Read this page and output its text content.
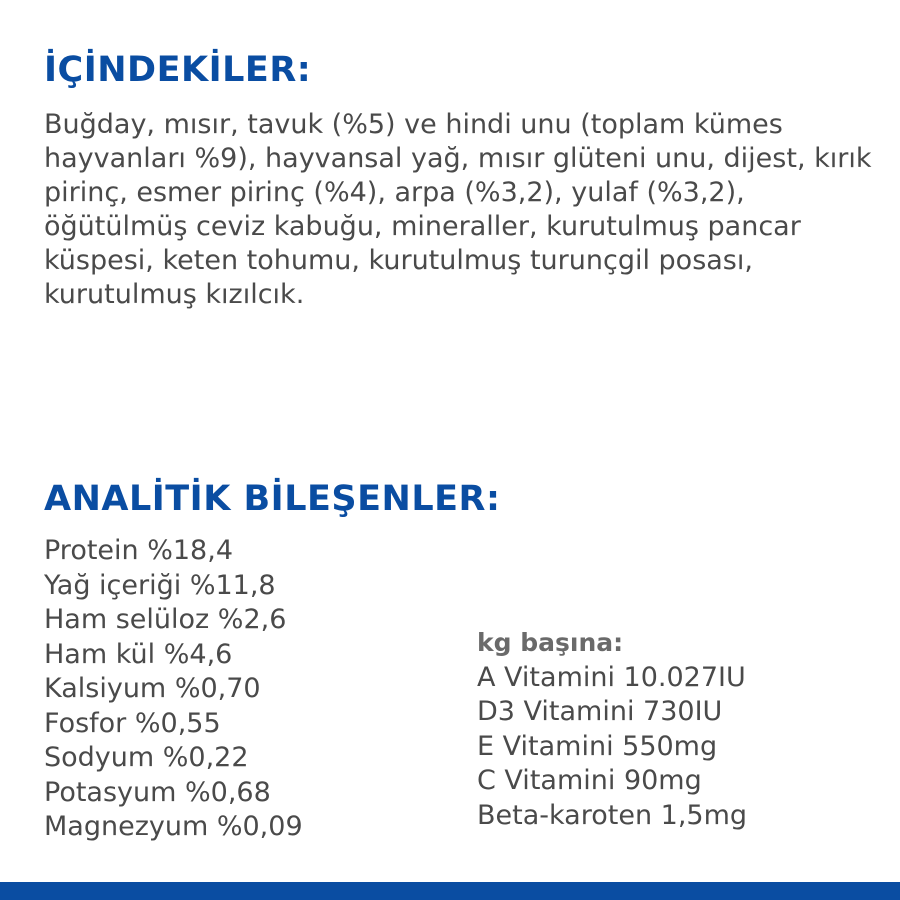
İÇİNDEKİLER:

Buğday, mısır, tavuk (%5) ve hindi unu (toplam kümes hayvanları %9), hayvansal yağ, mısır glüteni unu, dijest, kırık pirinç, esmer pirinç (%4), arpa (%3,2), yulaf (%3,2), öğütülmüş ceviz kabuğu, mineraller, kurutulmuş pancar küspesi, keten tohumu, kurutulmuş turunçgil posası, kurutulmuş kızılcık.

ANALİTİK BİLEŞENLER:
Protein %18,4
Yağ içeriği %11,8
Ham selüloz %2,6
Ham kül %4,6
Kalsiyum %0,70
Fosfor %0,55
Sodyum %0,22
Potasyum %0,68
Magnezyum %0,09

kg başına:

A Vitamini 10.027IU
D3 Vitamini 730IU
E Vitamini 550mg
C Vitamini 90mg
Beta-karoten 1,5mg
